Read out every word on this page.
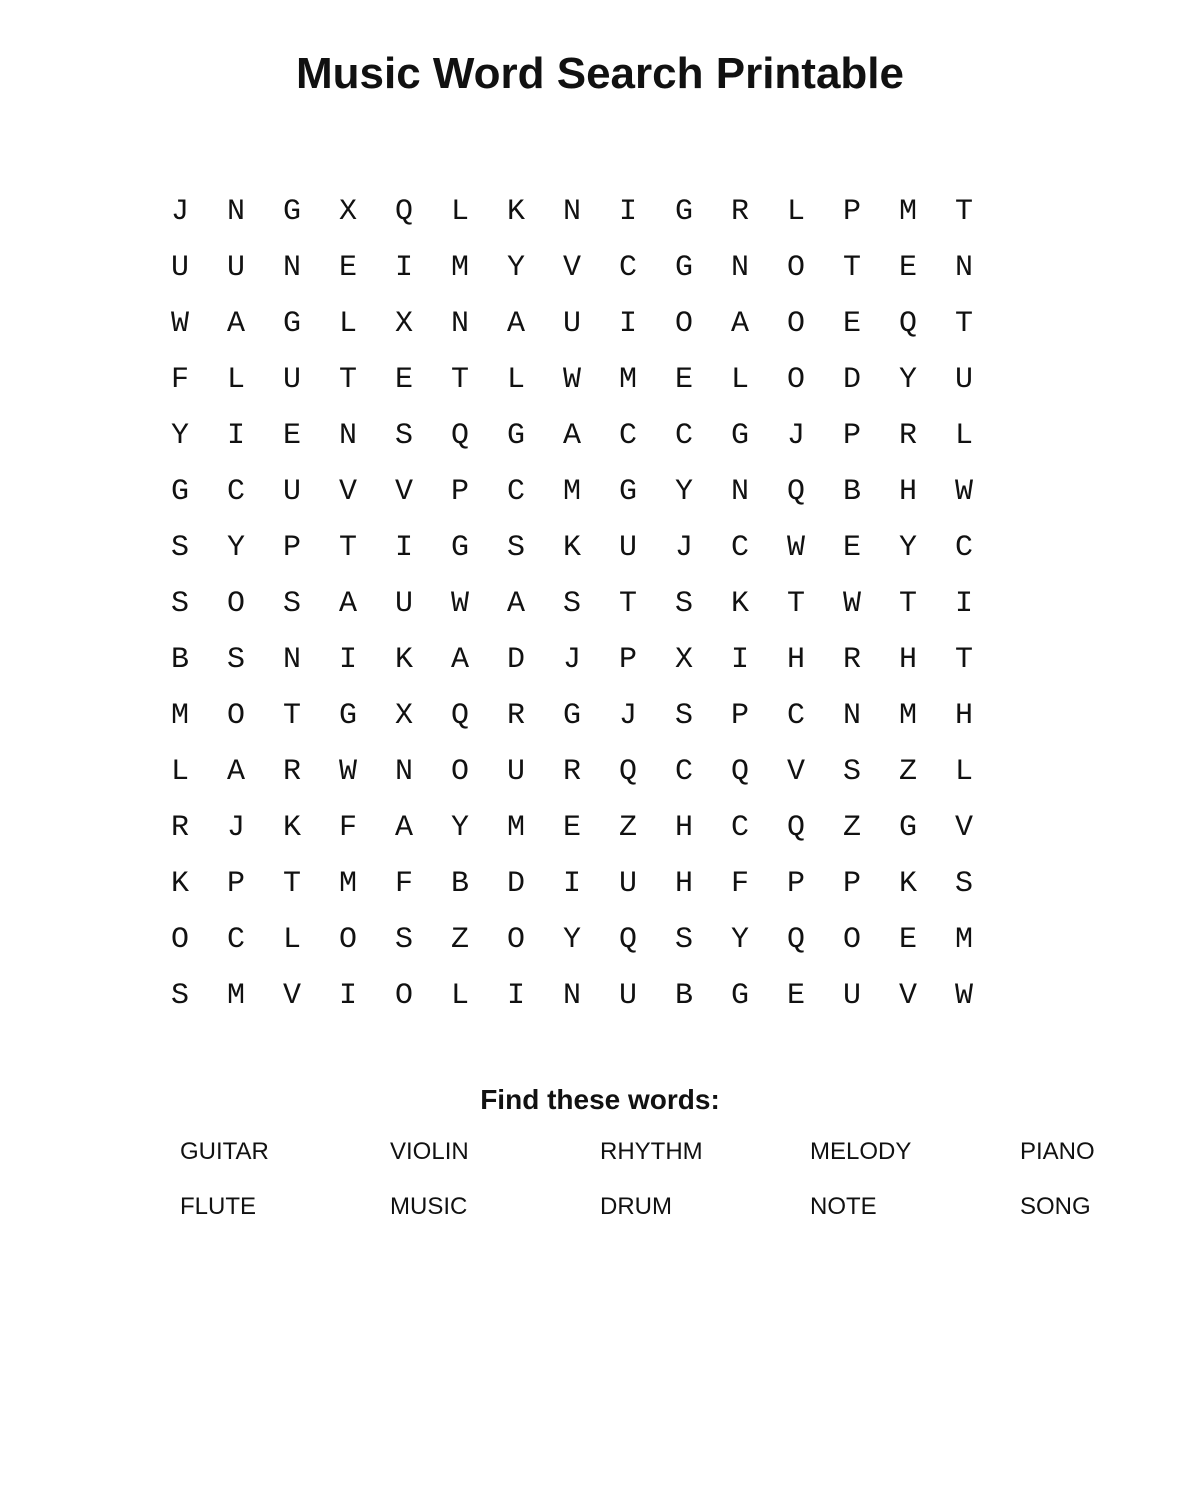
Music Word Search Printable
J	N	G	X	Q	L	K	N	I	G	R	L	P	M	T
U	U	N	E	I	M	Y	V	C	G	N	O	T	E	N
W	A	G	L	X	N	A	U	I	O	A	O	E	Q	T
F	L	U	T	E	T	L	W	M	E	L	O	D	Y	U
Y	I	E	N	S	Q	G	A	C	C	G	J	P	R	L
G	C	U	V	V	P	C	M	G	Y	N	Q	B	H	W
S	Y	P	T	I	G	S	K	U	J	C	W	E	Y	C
S	O	S	A	U	W	A	S	T	S	K	T	W	T	I
B	S	N	I	K	A	D	J	P	X	I	H	R	H	T
M	O	T	G	X	Q	R	G	J	S	P	C	N	M	H
L	A	R	W	N	O	U	R	Q	C	Q	V	S	Z	L
R	J	K	F	A	Y	M	E	Z	H	C	Q	Z	G	V
K	P	T	M	F	B	D	I	U	H	F	P	P	K	S
O	C	L	O	S	Z	O	Y	Q	S	Y	Q	O	E	M
S	M	V	I	O	L	I	N	U	B	G	E	U	V	W
Find these words:
GUITAR	VIOLIN	RHYTHM	MELODY	PIANO
FLUTE	MUSIC	DRUM	NOTE	SONG
